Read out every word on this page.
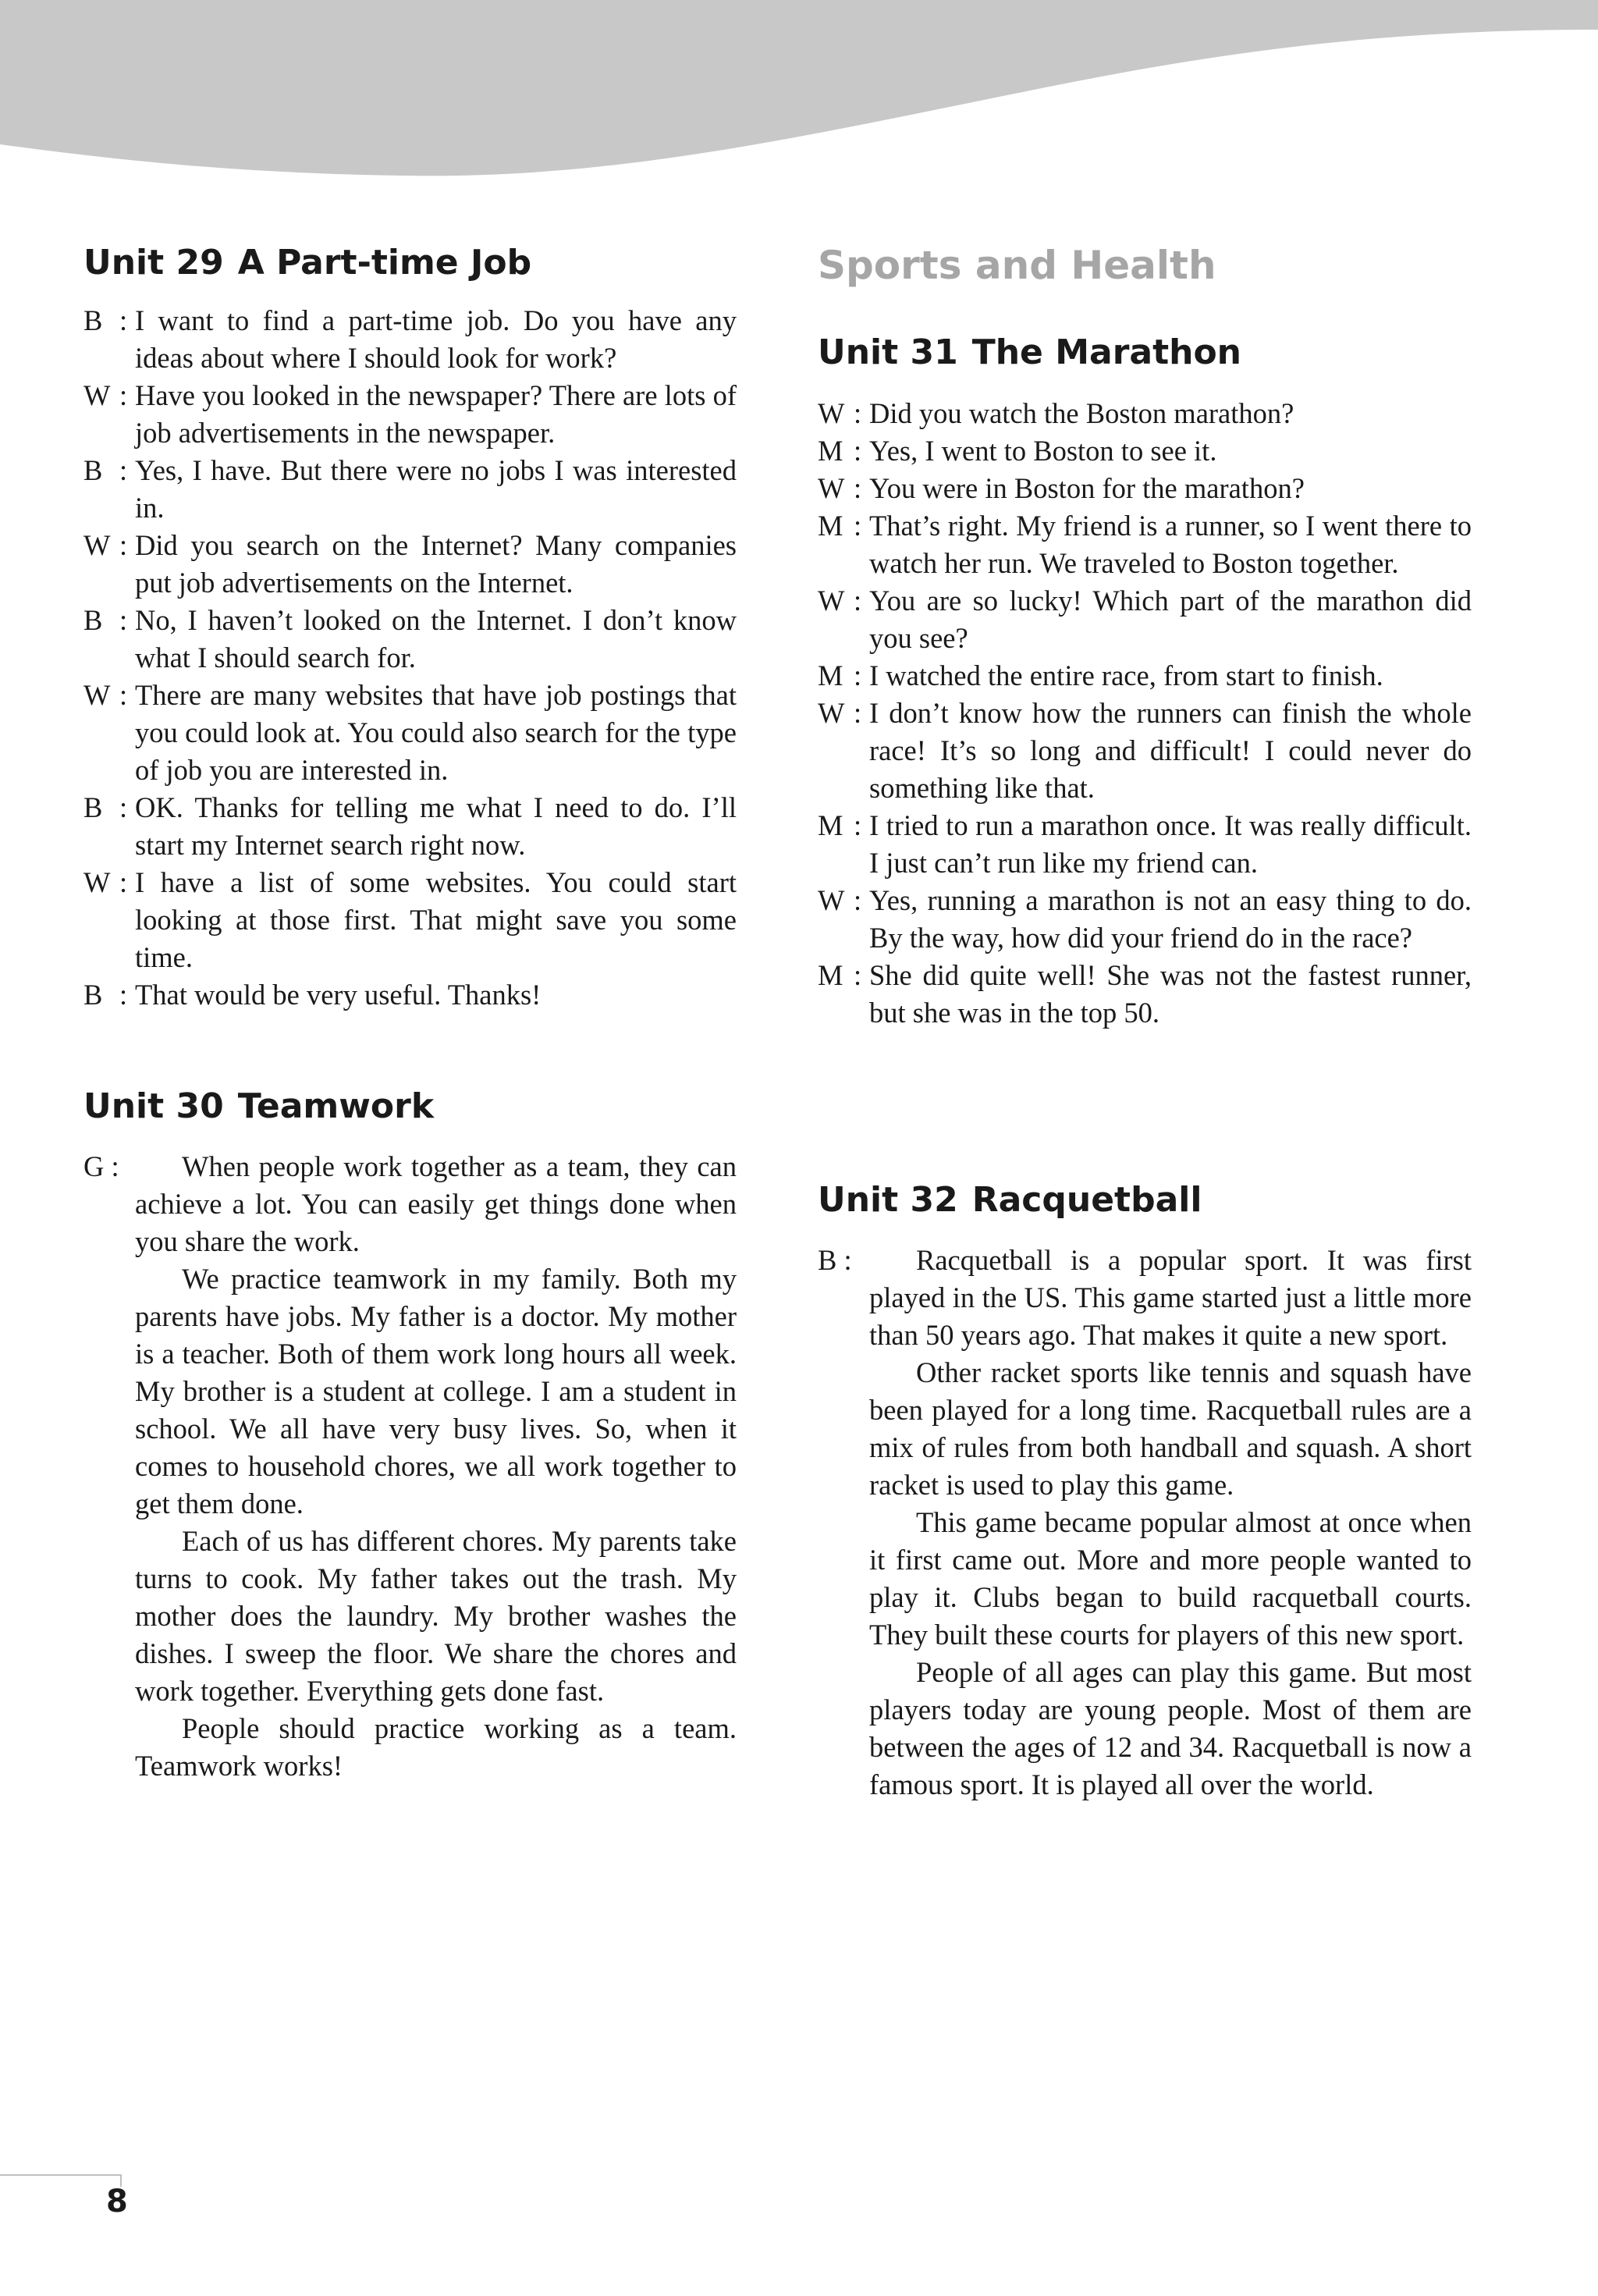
Unit 29 A Part-time Job
B : I want to find a part-time job. Do you have any ideas about where I should look for work?
W : Have you looked in the newspaper? There are lots of job advertisements in the newspaper.
B : Yes, I have. But there were no jobs I was interested in.
W : Did you search on the Internet? Many companies put job advertisements on the Internet.
B : No, I haven’t looked on the Internet. I don’t know what I should search for.
W : There are many websites that have job postings that you could look at. You could also search for the type of job you are interested in.
B : OK. Thanks for telling me what I need to do. I’ll start my Internet search right now.
W : I have a list of some websites. You could start looking at those first. That might save you some time.
B : That would be very useful. Thanks!
Unit 30 Teamwork
G :	When people work together as a team, they can achieve a lot. You can easily get things done when you share the work.

We practice teamwork in my family. Both my parents have jobs. My father is a doctor. My mother is a teacher. Both of them work long hours all week. My brother is a student at college. I am a student in school. We all have very busy lives. So, when it comes to household chores, we all work together to get them done.

Each of us has different chores. My parents take turns to cook. My father takes out the trash. My mother does the laundry. My brother washes the dishes. I sweep the floor. We share the chores and work together. Everything gets done fast.

People should practice working as a team. Teamwork works!

Sports and Health
Unit 31 The Marathon
W : Did you watch the Boston marathon?
M : Yes, I went to Boston to see it.
W : You were in Boston for the marathon?
M : That’s right. My friend is a runner, so I went there to watch her run. We traveled to Boston together.
W : You are so lucky! Which part of the marathon did you see?
M : I watched the entire race, from start to finish.
W : I don’t know how the runners can finish the whole race! It’s so long and difficult! I could never do something like that.
M : I tried to run a marathon once. It was really difficult. I just can’t run like my friend can.
W : Yes, running a marathon is not an easy thing to do. By the way, how did your friend do in the race?
M : She did quite well! She was not the fastest runner, but she was in the top 50.
Unit 32 Racquetball
B :	Racquetball is a popular sport. It was first played in the US. This game started just a little more than 50 years ago. That makes it quite a new sport.

Other racket sports like tennis and squash have been played for a long time. Racquetball rules are a mix of rules from both handball and squash. A short racket is used to play this game.

This game became popular almost at once when it first came out. More and more people wanted to play it. Clubs began to build racquetball courts. They built these courts for players of this new sport.

People of all ages can play this game. But most players today are young people. Most of them are between the ages of 12 and 34. Racquetball is now a famous sport. It is played all over the world.

8
